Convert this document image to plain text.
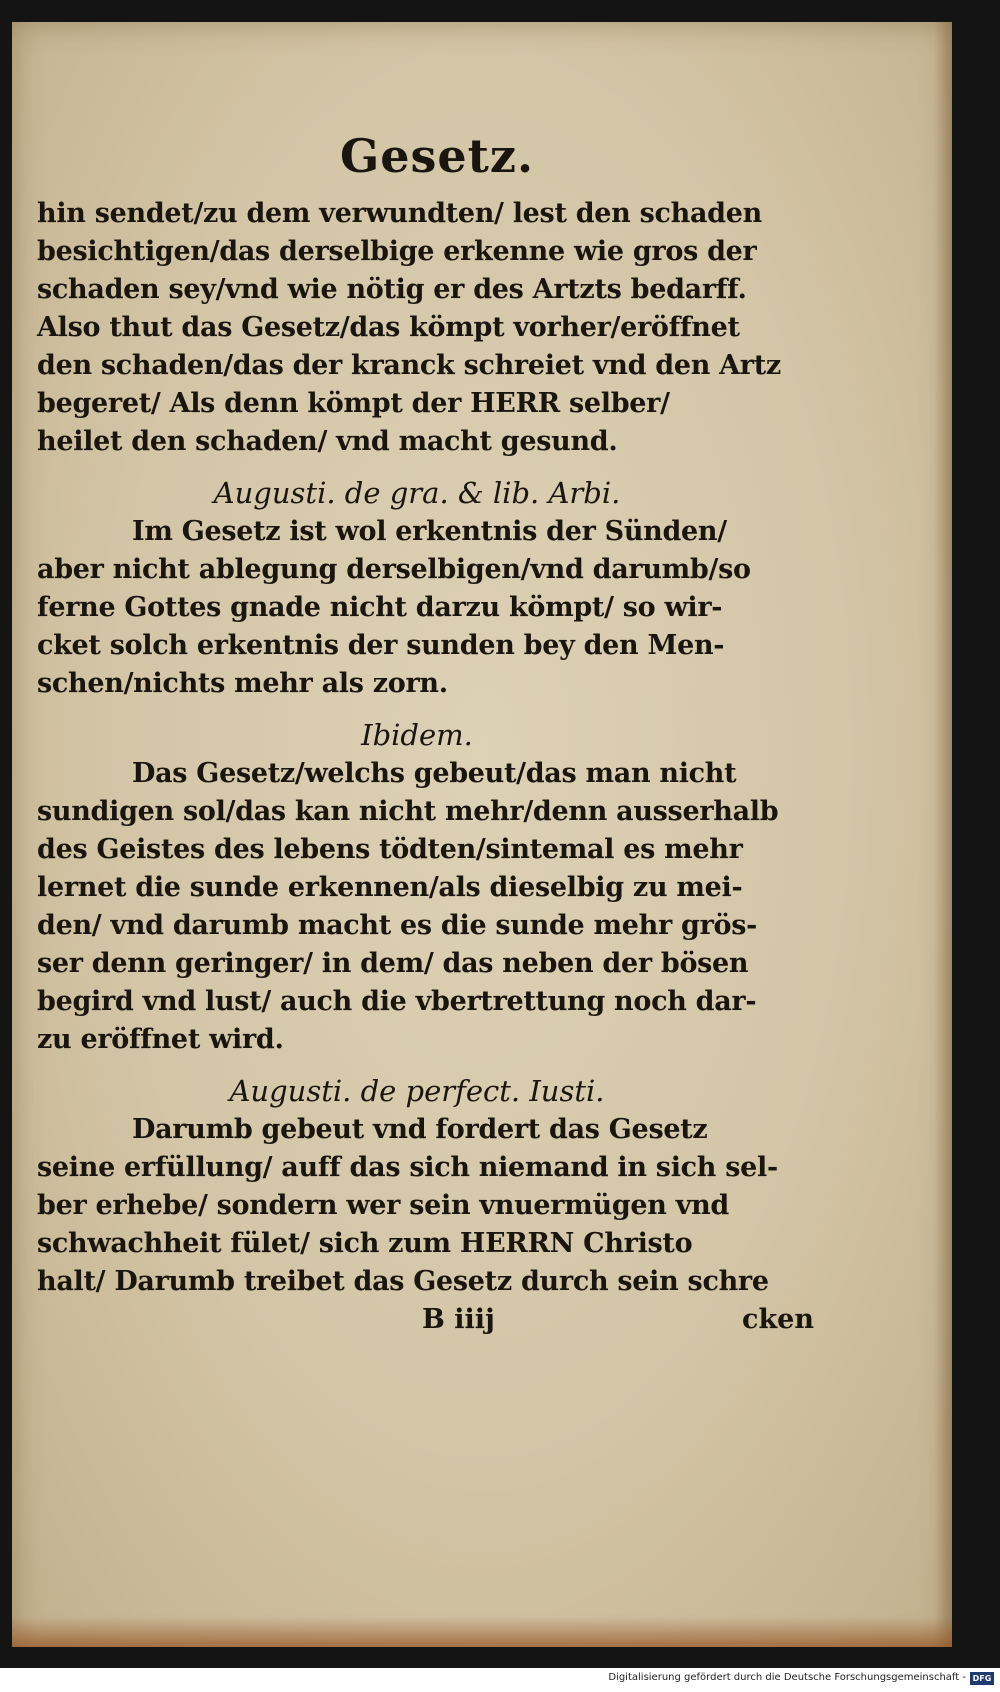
Gesetz.
hin sendet/zu dem verwundten/ lest den schaden
besichtigen/das derselbige erkenne wie gros der
schaden sey/vnd wie nötig er des Artzts bedarff.
Also thut das Gesetz/das kömpt vorher/eröffnet
den schaden/das der kranck schreiet vnd den Artz
begeret/ Als denn kömpt der HERR selber/
heilet den schaden/ vnd macht gesund.
Augusti. de gra. & lib. Arbi.
Im Gesetz ist wol erkentnis der Sünden/
aber nicht ablegung derselbigen/vnd darumb/so
ferne Gottes gnade nicht darzu kömpt/ so wir-
cket solch erkentnis der sunden bey den Men-
schen/nichts mehr als zorn.
Ibidem.
Das Gesetz/welchs gebeut/das man nicht
sundigen sol/das kan nicht mehr/denn ausserhalb
des Geistes des lebens tödten/sintemal es mehr
lernet die sunde erkennen/als dieselbig zu mei-
den/ vnd darumb macht es die sunde mehr grös-
ser denn geringer/ in dem/ das neben der bösen
begird vnd lust/ auch die vbertrettung noch dar-
zu eröffnet wird.
Augusti. de perfect. Iusti.
Darumb gebeut vnd fordert das Gesetz
seine erfüllung/ auff das sich niemand in sich sel-
ber erhebe/ sondern wer sein vnuermügen vnd
schwachheit fület/ sich zum HERRN Christo
halt/ Darumb treibet das Gesetz durch sein schre
B iiij	cken
Digitalisierung gefördert durch die Deutsche Forschungsgemeinschaft - DFG
